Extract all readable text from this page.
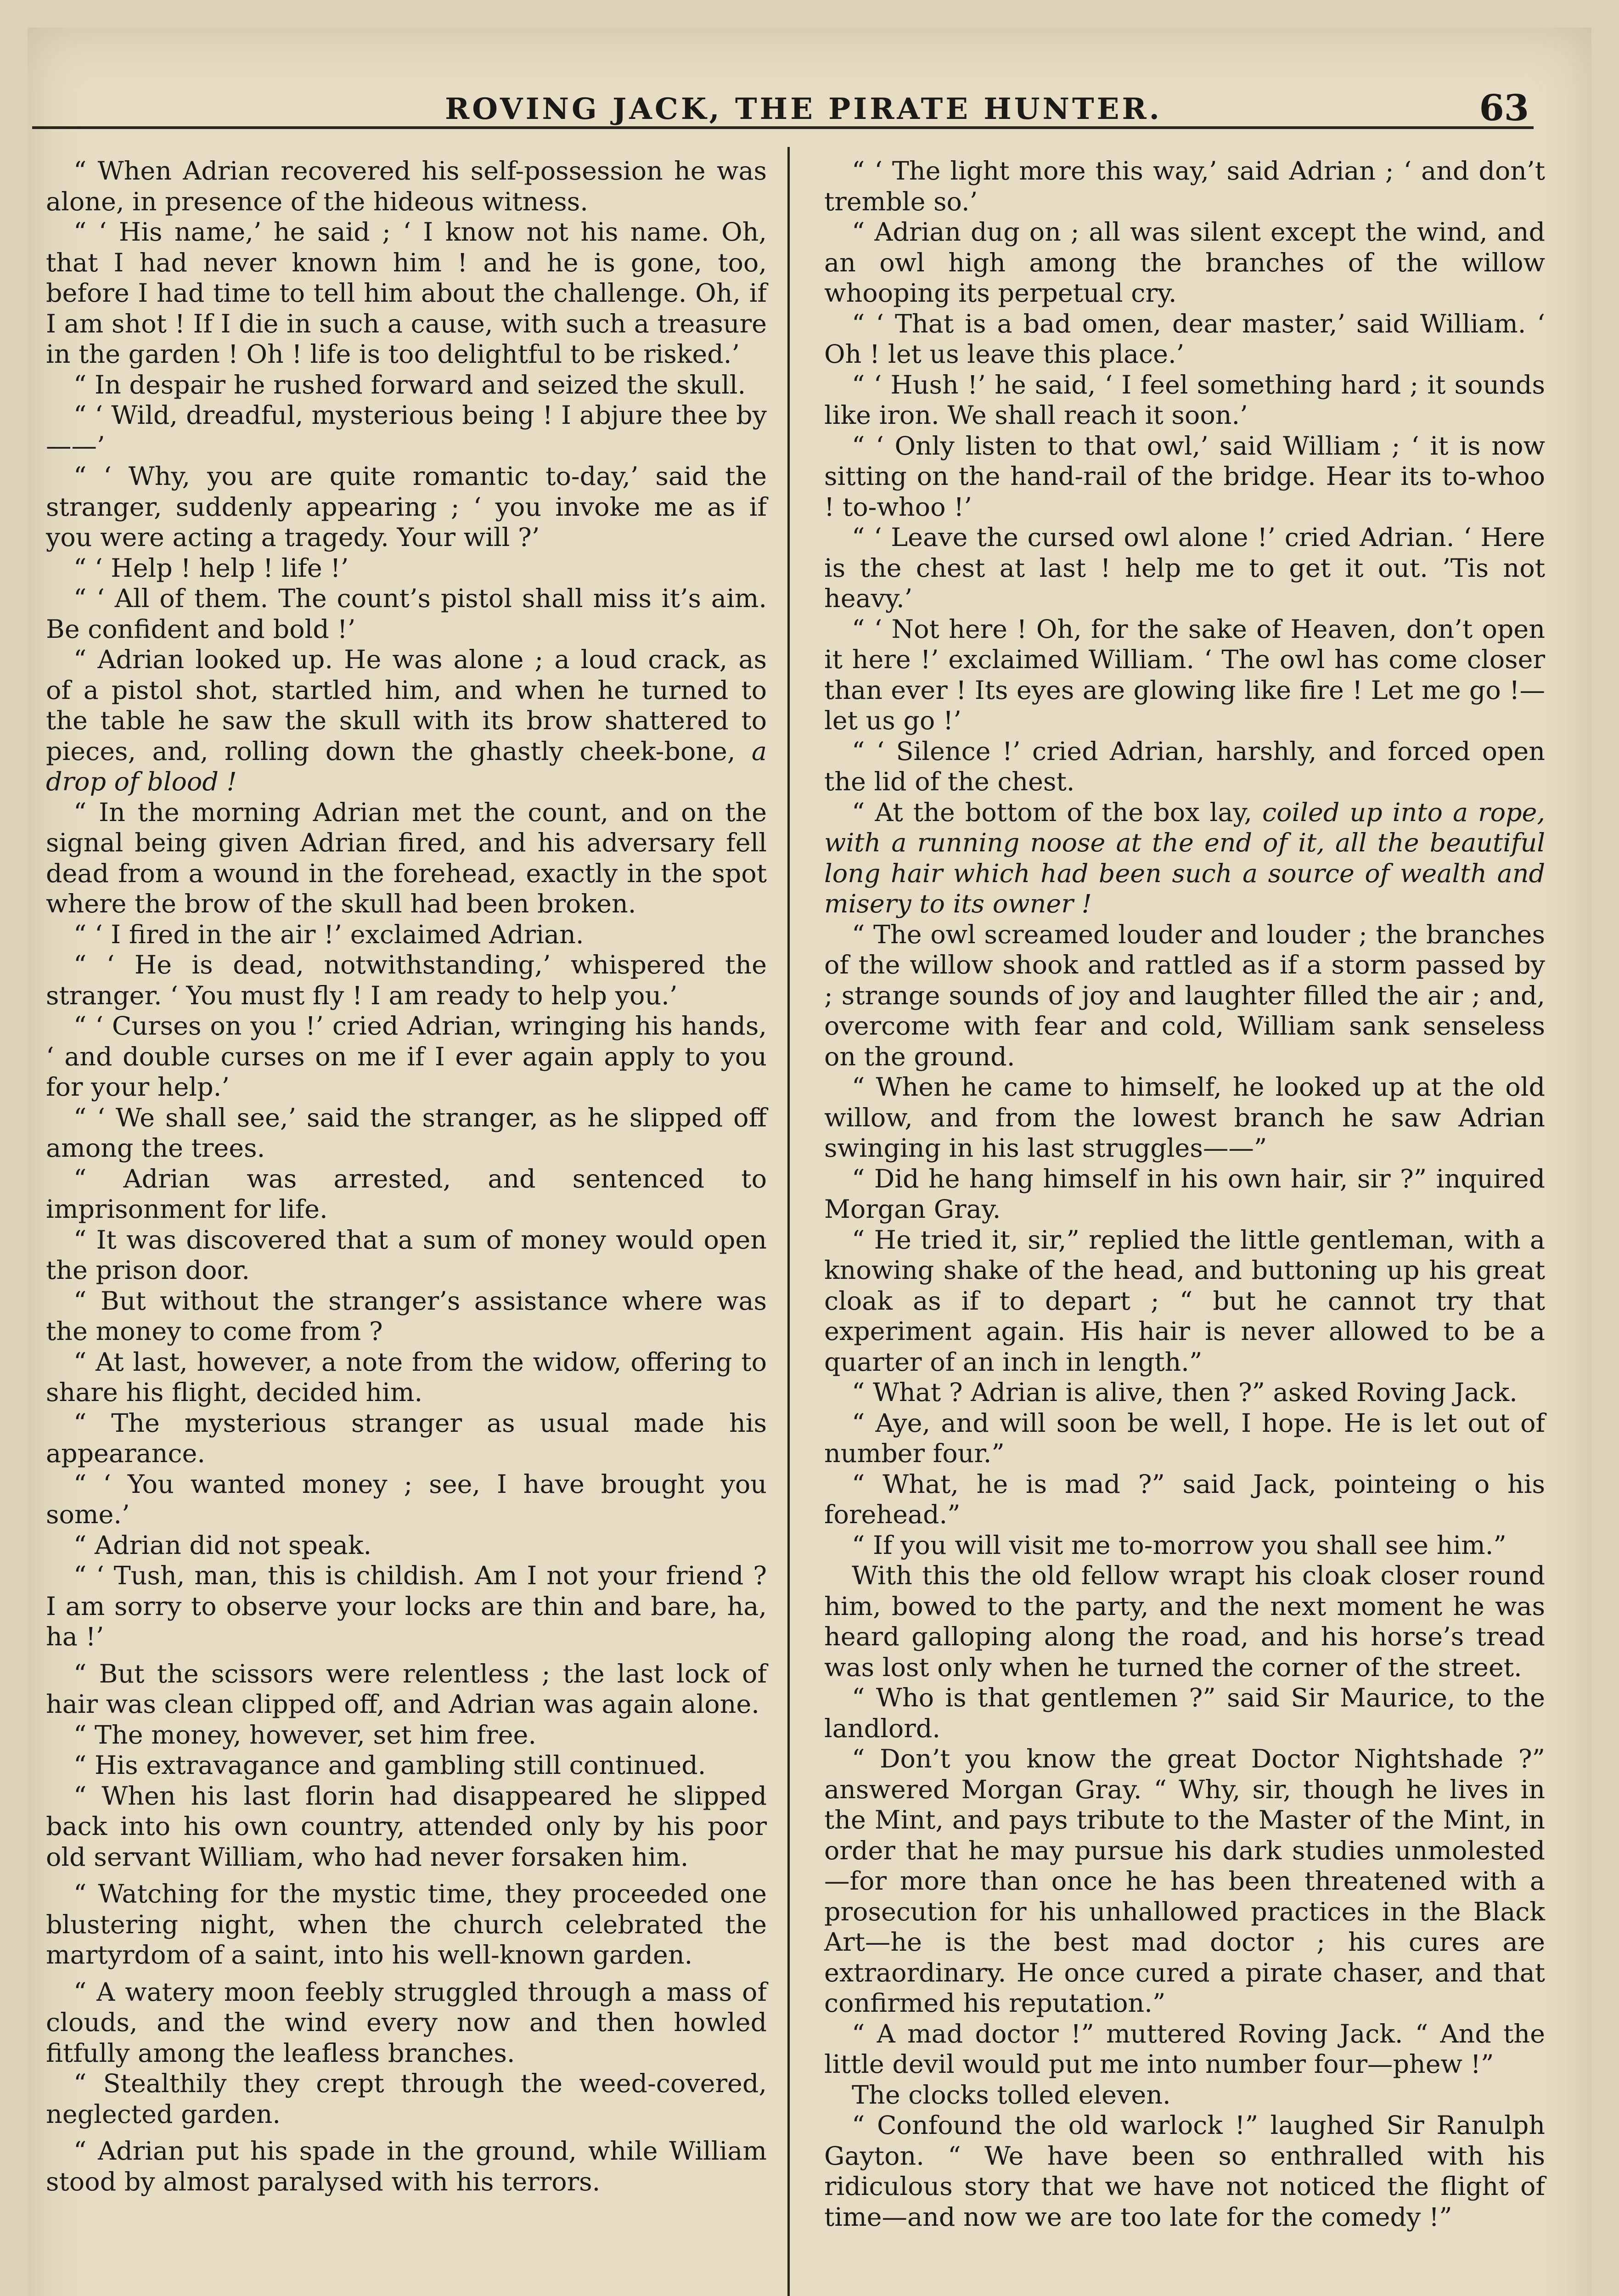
ROVING JACK, THE PIRATE HUNTER.	63

“ When Adrian recovered his self-possession he was alone, in presence of the hideous witness.

“ ‘ His name,’ he said ; ‘ I know not his name. Oh, that I had never known him ! and he is gone, too, before I had time to tell him about the challenge. Oh, if I am shot ! If I die in such a cause, with such a treasure in the garden ! Oh ! life is too delightful to be risked.’

“ In despair he rushed forward and seized the skull.

“ ‘ Wild, dreadful, mysterious being ! I abjure thee by——’

“ ‘ Why, you are quite romantic to-day,’ said the stranger, suddenly appearing ; ‘ you invoke me as if you were acting a tragedy. Your will ?’

“ ‘ Help ! help ! life !’

“ ‘ All of them. The count’s pistol shall miss it’s aim. Be confident and bold !’

“ Adrian looked up. He was alone ; a loud crack, as of a pistol shot, startled him, and when he turned to the table he saw the skull with its brow shattered to pieces, and, rolling down the ghastly cheek-bone, a drop of blood !

“ In the morning Adrian met the count, and on the signal being given Adrian fired, and his adversary fell dead from a wound in the forehead, exactly in the spot where the brow of the skull had been broken.

“ ‘ I fired in the air !’ exclaimed Adrian.

“ ‘ He is dead, notwithstanding,’ whispered the stranger. ‘ You must fly ! I am ready to help you.’

“ ‘ Curses on you !’ cried Adrian, wringing his hands, ‘ and double curses on me if I ever again apply to you for your help.’

“ ‘ We shall see,’ said the stranger, as he slipped off among the trees.

“ Adrian was arrested, and sentenced to imprisonment for life.

“ It was discovered that a sum of money would open the prison door.

“ But without the stranger’s assistance where was the money to come from ?

“ At last, however, a note from the widow, offering to share his flight, decided him.

“ The mysterious stranger as usual made his appearance.

“ ‘ You wanted money ; see, I have brought you some.’

“ Adrian did not speak.

“ ‘ Tush, man, this is childish. Am I not your friend ? I am sorry to observe your locks are thin and bare, ha, ha !’

“ But the scissors were relentless ; the last lock of hair was clean clipped off, and Adrian was again alone.

“ The money, however, set him free.

“ His extravagance and gambling still continued.

“ When his last florin had disappeared he slipped back into his own country, attended only by his poor old servant William, who had never forsaken him.

“ Watching for the mystic time, they proceeded one blustering night, when the church celebrated the martyrdom of a saint, into his well-known garden.

“ A watery moon feebly struggled through a mass of clouds, and the wind every now and then howled fitfully among the leafless branches.

“ Stealthily they crept through the weed-covered, neglected garden.

“ Adrian put his spade in the ground, while William stood by almost paralysed with his terrors.

“ ‘ The light more this way,’ said Adrian ; ‘ and don’t tremble so.’

“ Adrian dug on ; all was silent except the wind, and an owl high among the branches of the willow whooping its perpetual cry.

“ ‘ That is a bad omen, dear master,’ said William. ‘ Oh ! let us leave this place.’

“ ‘ Hush !’ he said, ‘ I feel something hard ; it sounds like iron. We shall reach it soon.’

“ ‘ Only listen to that owl,’ said William ; ‘ it is now sitting on the hand-rail of the bridge. Hear its to-whoo ! to-whoo !’

“ ‘ Leave the cursed owl alone !’ cried Adrian. ‘ Here is the chest at last ! help me to get it out. ’Tis not heavy.’

“ ‘ Not here ! Oh, for the sake of Heaven, don’t open it here !’ exclaimed William. ‘ The owl has come closer than ever ! Its eyes are glowing like fire ! Let me go !—let us go !’

“ ‘ Silence !’ cried Adrian, harshly, and forced open the lid of the chest.

“ At the bottom of the box lay, coiled up into a rope, with a running noose at the end of it, all the beautiful long hair which had been such a source of wealth and misery to its owner !

“ The owl screamed louder and louder ; the branches of the willow shook and rattled as if a storm passed by ; strange sounds of joy and laughter filled the air ; and, overcome with fear and cold, William sank senseless on the ground.

“ When he came to himself, he looked up at the old willow, and from the lowest branch he saw Adrian swinging in his last struggles——”

“ Did he hang himself in his own hair, sir ?” inquired Morgan Gray.

“ He tried it, sir,” replied the little gentleman, with a knowing shake of the head, and buttoning up his great cloak as if to depart ; “ but he cannot try that experiment again. His hair is never allowed to be a quarter of an inch in length.”

“ What ? Adrian is alive, then ?” asked Roving Jack.

“ Aye, and will soon be well, I hope. He is let out of number four.”

“ What, he is mad ?” said Jack, pointeing o his forehead.”

“ If you will visit me to-morrow you shall see him.”

With this the old fellow wrapt his cloak closer round him, bowed to the party, and the next moment he was heard galloping along the road, and his horse’s tread was lost only when he turned the corner of the street.

“ Who is that gentlemen ?” said Sir Maurice, to the landlord.

“ Don’t you know the great Doctor Nightshade ?” answered Morgan Gray. “ Why, sir, though he lives in the Mint, and pays tribute to the Master of the Mint, in order that he may pursue his dark studies unmolested—for more than once he has been threatened with a prosecution for his unhallowed practices in the Black Art—he is the best mad doctor ; his cures are extraordinary. He once cured a pirate chaser, and that confirmed his reputation.”

“ A mad doctor !” muttered Roving Jack. “ And the little devil would put me into number four—phew !”

The clocks tolled eleven.

“ Confound the old warlock !” laughed Sir Ranulph Gayton. “ We have been so enthralled with his ridiculous story that we have not noticed the flight of time—and now we are too late for the comedy !”
